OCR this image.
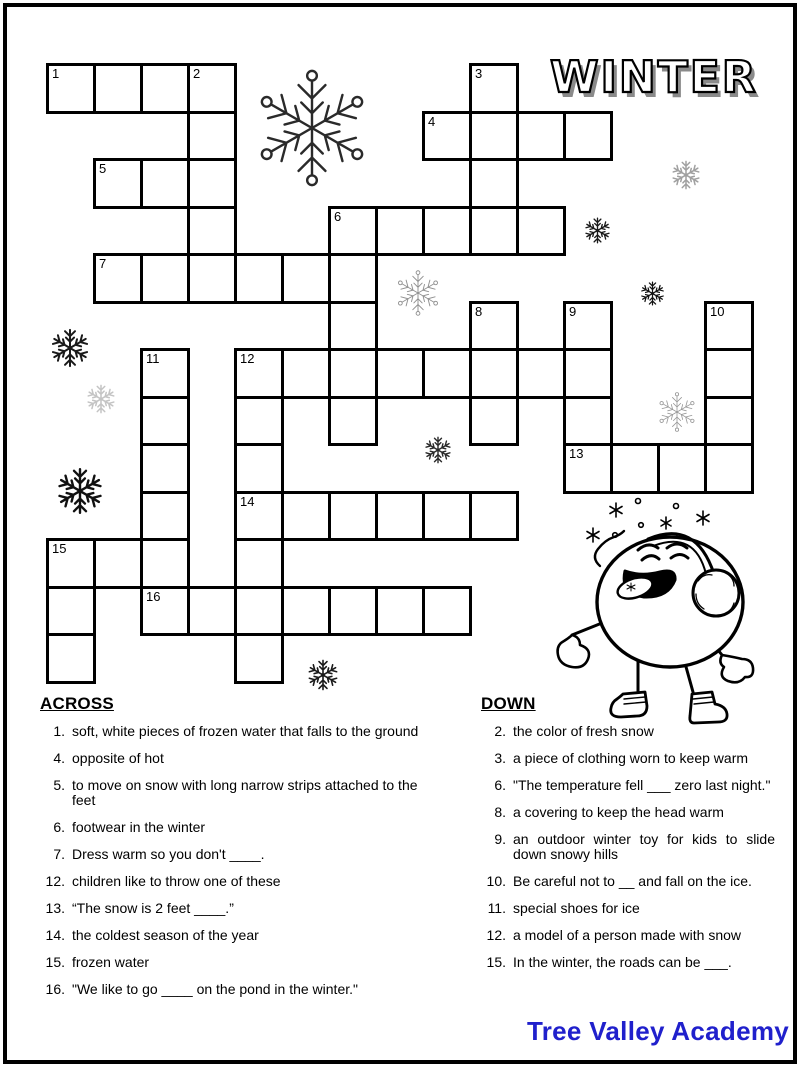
WINTER
1	2	3
4
5
6
7
8	9
13
10
11
16
12
14
15
ACROSS
1. soft, white pieces of frozen water that falls to the ground
4. opposite of hot
5. to move on snow with long narrow strips attached to the feet
6. footwear in the winter
7. Dress warm so you don't ____.
12. children like to throw one of these
13. “The snow is 2 feet ____.”
14. the coldest season of the year
15. frozen water
16. "We like to go ____ on the pond in the winter."
DOWN
2. the color of fresh snow
3. a piece of clothing worn to keep warm
6. "The temperature fell ___ zero last night."
8. a covering to keep the head warm
9. an outdoor winter toy for kids to slide down snowy hills
10. Be careful not to __ and fall on the ice.
11. special shoes for ice
12. a model of a person made with snow
15. In the winter, the roads can be ___.
Tree Valley Academy
